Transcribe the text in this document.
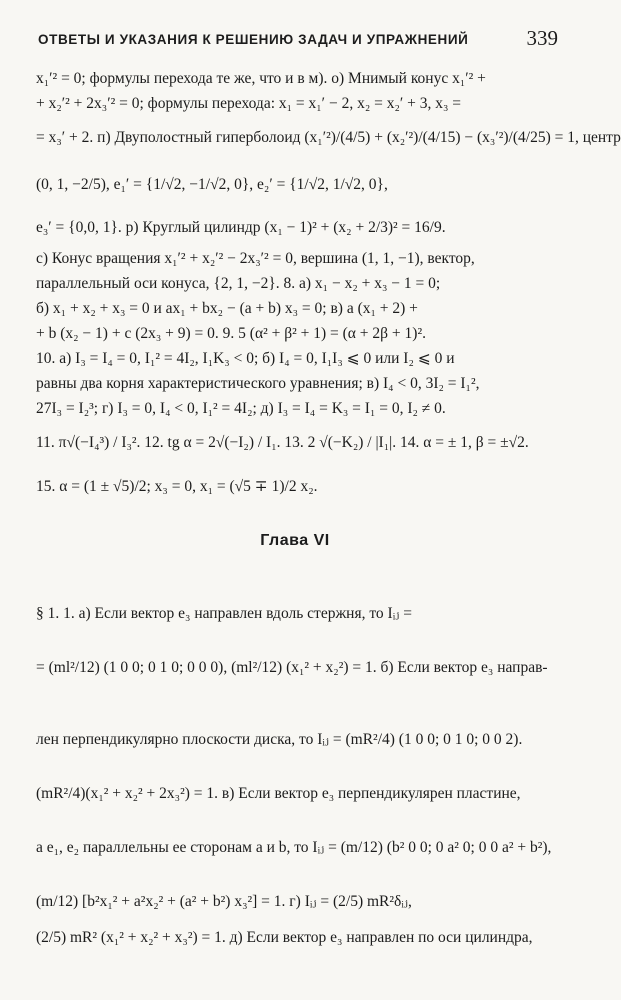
ОТВЕТЫ И УКАЗАНИЯ К РЕШЕНИЮ ЗАДАЧ И УПРАЖНЕНИЙ	339
x₁′² = 0; формулы перехода те же, что и в м). о) Мнимый конус x₁′² +
+ x₂′² + 2x₃′² = 0; формулы перехода: x₁ = x₁′ − 2, x₂ = x₂′ + 3, x₃ =
= x₃′ + 2. п) Двуполостный гиперболоид (x₁′²)/(4/5) + (x₂′²)/(4/15) − (x₃′²)/(4/25) = 1, центр
(0, 1, −2/5), e₁′ = {1/√2, −1/√2, 0}, e₂′ = {1/√2, 1/√2, 0},
e₃′ = {0,0, 1}. р) Круглый цилиндр (x₁ − 1)² + (x₂ + 2/3)² = 16/9.
с) Конус вращения x₁′² + x₂′² − 2x₃′² = 0, вершина (1, 1, −1), вектор,
параллельный оси конуса, {2, 1, −2}. 8. а) x₁ − x₂ + x₃ − 1 = 0;
б) x₁ + x₂ + x₃ = 0 и ax₁ + bx₂ − (a + b) x₃ = 0; в) a (x₁ + 2) +
+ b (x₂ − 1) + c (2x₃ + 9) = 0. 9. 5 (α² + β² + 1) = (α + 2β + 1)².
10. а) I₃ = I₄ = 0, I₁² = 4I₂, I₁K₃ < 0; б) I₄ = 0, I₁I₃ ⩽ 0 или I₂ ⩽ 0 и
равны два корня характеристического уравнения; в) I₄ < 0, 3I₂ = I₁²,
27I₃ = I₂³; г) I₃ = 0, I₄ < 0, I₁² = 4I₂; д) I₃ = I₄ = K₃ = I₁ = 0, I₂ ≠ 0.
11. π√(−I₄³) / I₃². 12. tg α = 2√(−I₂) / I₁. 13. 2 √(−K₂) / |I₁|. 14. α = ± 1, β = ±√2.
15. α = (1 ± √5)/2; x₃ = 0, x₁ = (√5 ∓ 1)/2 x₂.
Глава VI
§ 1. 1. а) Если вектор e₃ направлен вдоль стержня, то Iᵢⱼ =
= (ml²/12) (1 0 0; 0 1 0; 0 0 0), (ml²/12) (x₁² + x₂²) = 1. б) Если вектор e₃ направ-
лен перпендикулярно плоскости диска, то Iᵢⱼ = (mR²/4) (1 0 0; 0 1 0; 0 0 2).
(mR²/4)(x₁² + x₂² + 2x₃²) = 1. в) Если вектор e₃ перпендикулярен пластине,
а e₁, e₂ параллельны ее сторонам a и b, то Iᵢⱼ = (m/12) (b² 0 0; 0 a² 0; 0 0 a² + b²),
(m/12) [b²x₁² + a²x₂² + (a² + b²) x₃²] = 1. г) Iᵢⱼ = (2/5) mR²δᵢⱼ,
(2/5) mR² (x₁² + x₂² + x₃²) = 1. д) Если вектор e₃ направлен по оси цилиндра,
